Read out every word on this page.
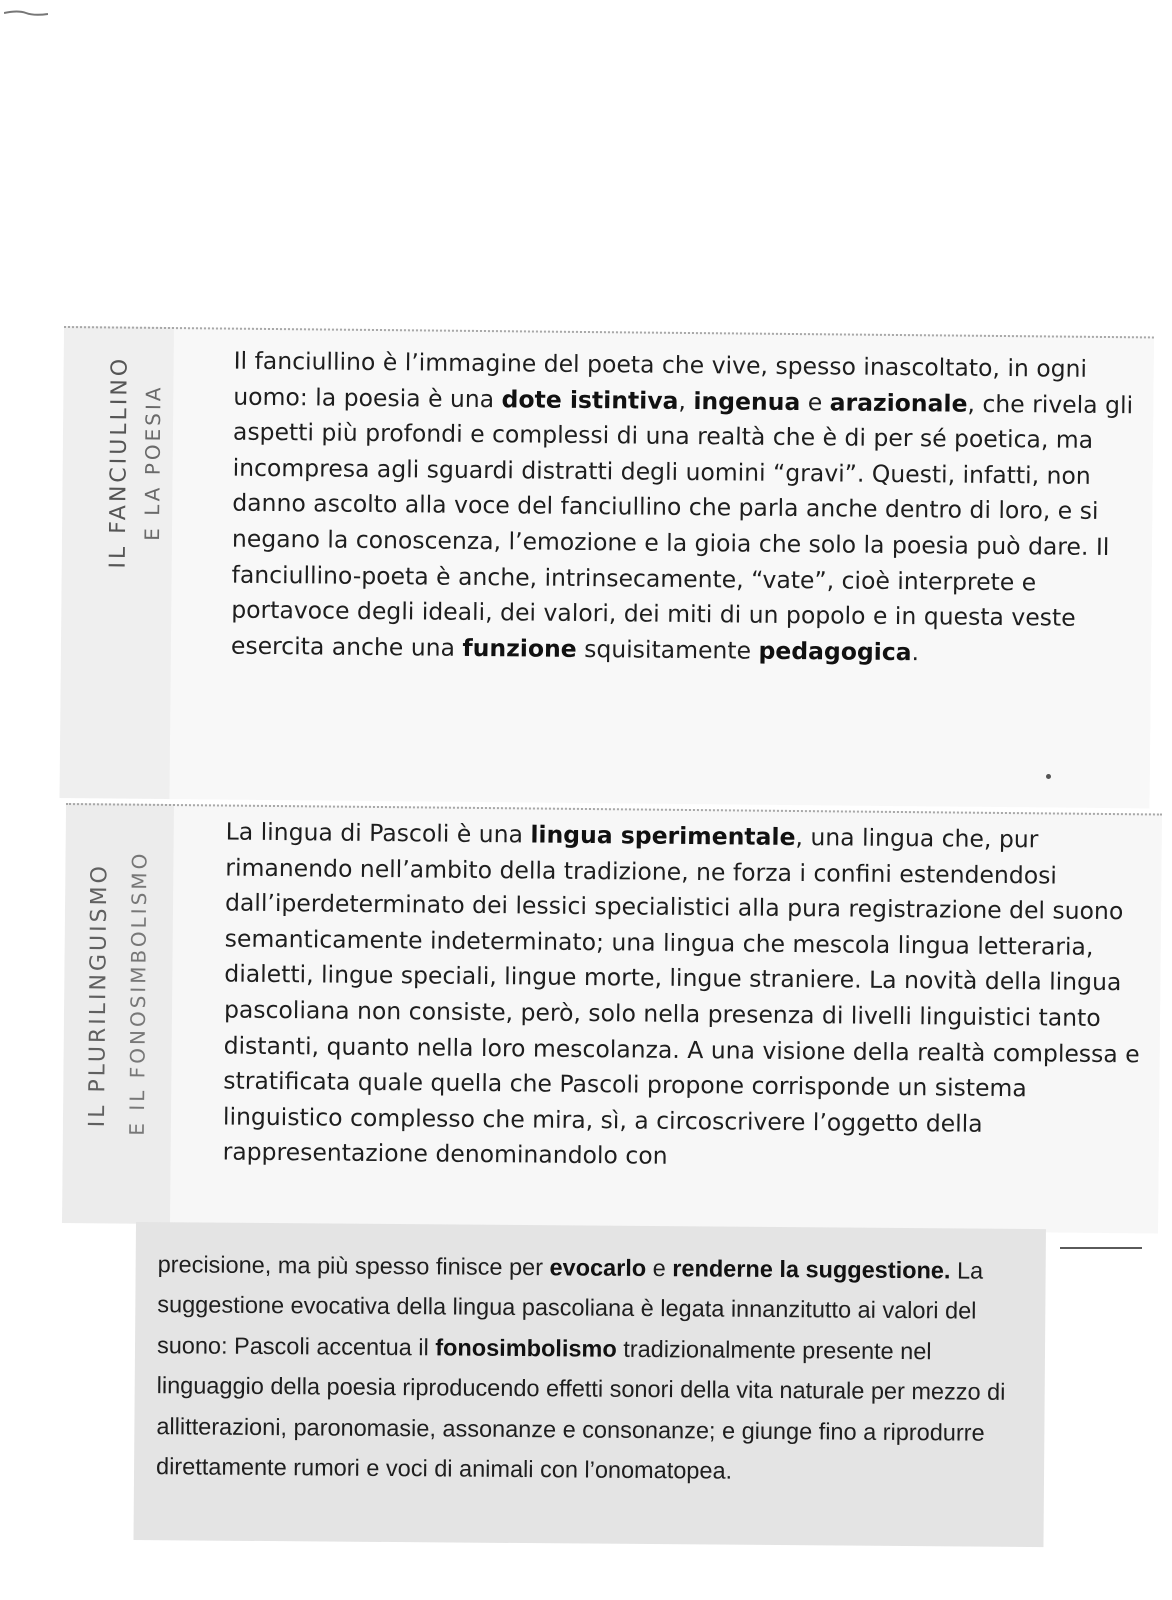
IL FANCIULLINO E LA POESIA
Il fanciullino è l’immagine del poeta che vive, spesso inascoltato, in ogni uomo: la poesia è una dote istintiva, ingenua e arazionale, che rivela gli aspetti più profondi e complessi di una realtà che è di per sé poetica, ma incompresa agli sguardi distratti degli uomini “gravi”. Questi, infatti, non danno ascolto alla voce del fanciullino che parla anche dentro di loro, e si negano la conoscenza, l’emozione e la gioia che solo la poesia può dare. Il fanciullino-poeta è anche, intrinsecamente, “vate”, cioè interprete e portavoce degli ideali, dei valori, dei miti di un popolo e in questa veste esercita anche una funzione squisitamente pedagogica.
IL PLURILINGUISMO E IL FONOSIMBOLISMO
La lingua di Pascoli è una lingua sperimentale, una lingua che, pur rimanendo nell’ambito della tradizione, ne forza i confini estendendosi dall’iperdeterminato dei lessici specialistici alla pura registrazione del suono semanticamente indeterminato; una lingua che mescola lingua letteraria, dialetti, lingue speciali, lingue morte, lingue straniere. La novità della lingua pascoliana non consiste, però, solo nella presenza di livelli linguistici tanto distanti, quanto nella loro mescolanza. A una visione della realtà complessa e stratificata quale quella che Pascoli propone corrisponde un sistema linguistico complesso che mira, sì, a circoscrivere l’oggetto della rappresentazione denominandolo con
precisione, ma più spesso finisce per evocarlo e renderne la suggestione. La suggestione evocativa della lingua pascoliana è legata innanzitutto ai valori del suono: Pascoli accentua il fonosimbolismo tradizionalmente presente nel linguaggio della poesia riproducendo effetti sonori della vita naturale per mezzo di allitterazioni, paronomasie, assonanze e consonanze; e giunge fino a riprodurre direttamente rumori e voci di animali con l’onomatopea.
